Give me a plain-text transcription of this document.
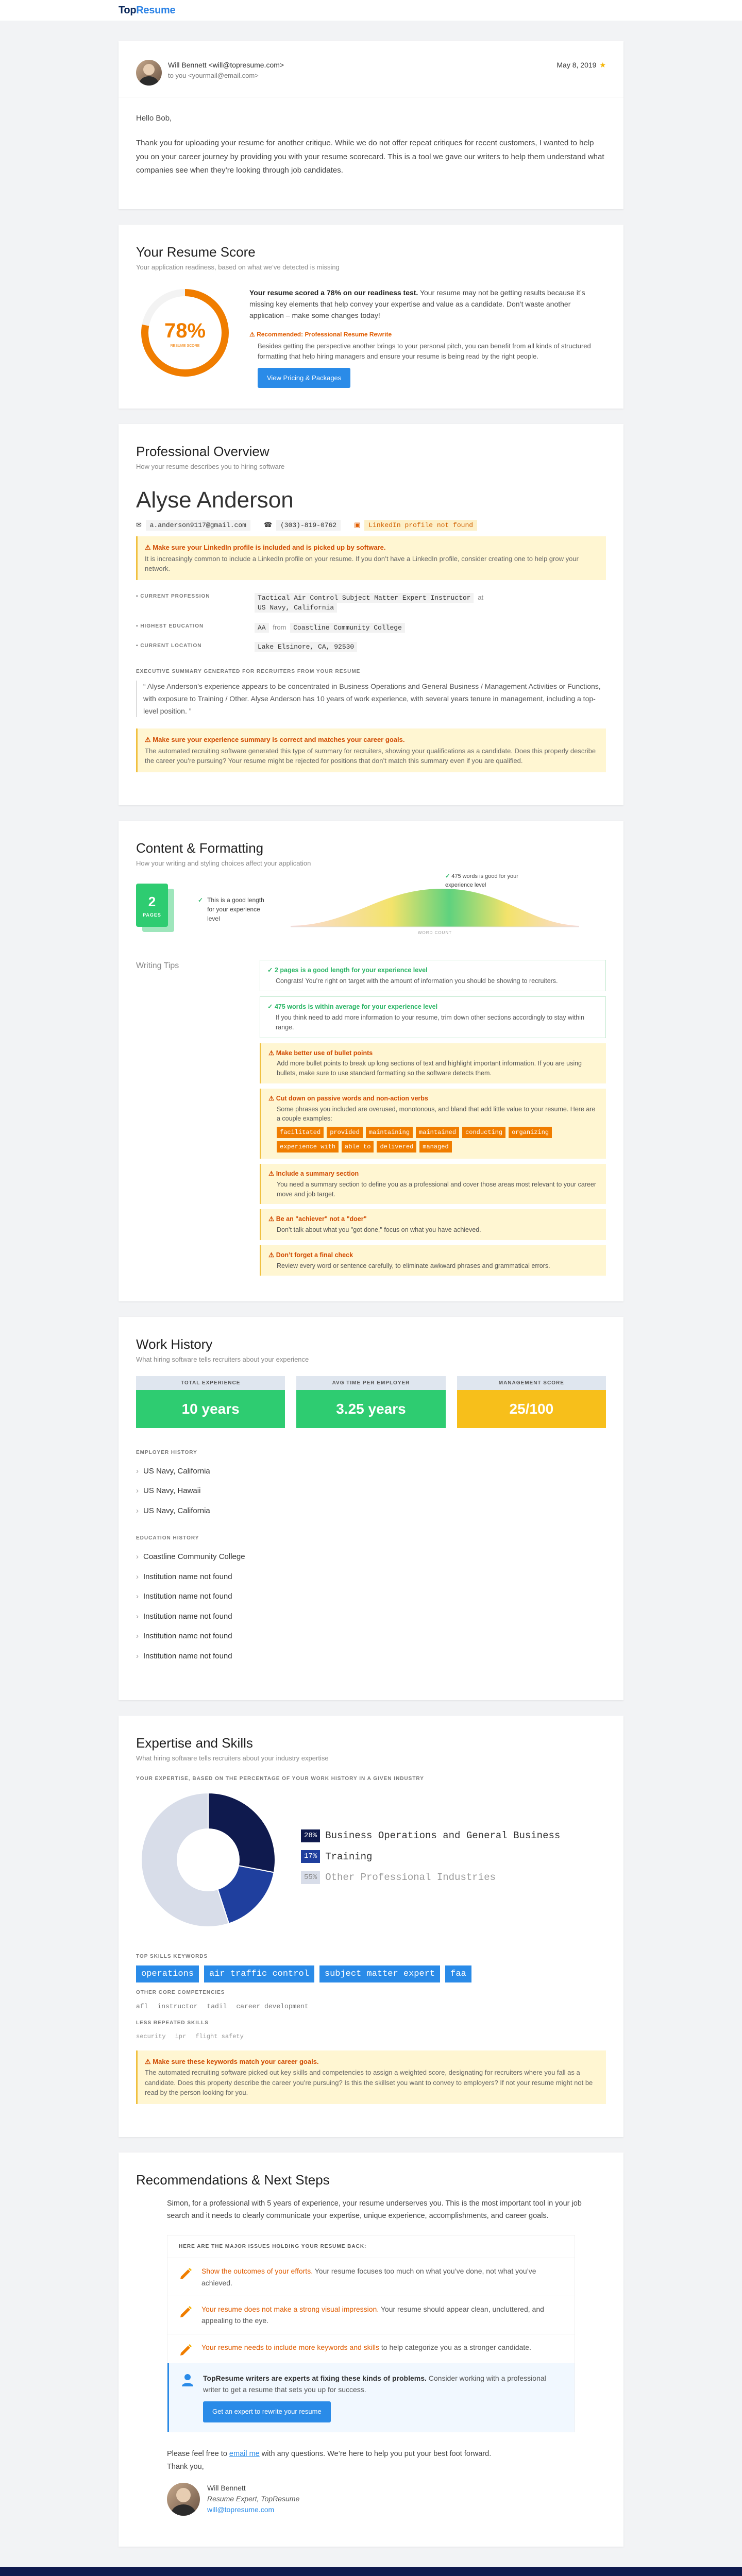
TopResume
Will Bennett <will@topresume.com>
to you <yourmail@email.com>
May 8, 2019 ★

Hello Bob,

Thank you for uploading your resume for another critique. While we do not offer repeat critiques for recent customers, I wanted to help you on your career journey by providing you with your resume scorecard. This is a tool we gave our writers to help them understand what companies see when they’re looking through job candidates.

Your Resume Score
Your application readiness, based on what we’ve detected is missing
78%
RESUME SCORE
Your resume scored a 78% on our readiness test. Your resume may not be getting results because it’s missing key elements that help convey your expertise and value as a candidate. Don’t waste another application – make some changes today!
⚠ Recommended: Professional Resume Rewrite
Besides getting the perspective another brings to your personal pitch, you can benefit from all kinds of structured formatting that help hiring managers and ensure your resume is being read by the right people.
View Pricing & Packages
Professional Overview
How your resume describes you to hiring software
Alyse Anderson
✉ a.anderson9117@gmail.com	☎ (303)-819-0762	▣ LinkedIn profile not found
⚠ Make sure your LinkedIn profile is included and is picked up by software.
It is increasingly common to include a LinkedIn profile on your resume. If you don’t have a LinkedIn profile, consider creating one to help grow your network.
▪ CURRENT PROFESSION	Tactical Air Control Subject Matter Expert Instructor at
US Navy, California
▪ HIGHEST EDUCATION	AA from Coastline Community College
▪ CURRENT LOCATION	Lake Elsinore, CA, 92530
EXECUTIVE SUMMARY GENERATED FOR RECRUITERS FROM YOUR RESUME
“ Alyse Anderson’s experience appears to be concentrated in Business Operations and General Business / Management Activities or Functions, with exposure to Training / Other. Alyse Anderson has 10 years of work experience, with several years tenure in management, including a top-level position. ”
⚠ Make sure your experience summary is correct and matches your career goals.
The automated recruiting software generated this type of summary for recruiters, showing your qualifications as a candidate. Does this properly describe the career you’re pursuing? Your resume might be rejected for positions that don’t match this summary even if you are qualified.
Content & Formatting
How your writing and styling choices affect your application
2
PAGES
✓ This is a good length for your experience level
WORD COUNT
✓ 475 words is good for your experience level
Writing Tips	✓ 2 pages is a good length for your experience level
Congrats! You’re right on target with the amount of information you should be showing to recruiters.
✓ 475 words is within average for your experience level
If you think need to add more information to your resume, trim down other sections accordingly to stay within range.
⚠ Make better use of bullet points
Add more bullet points to break up long sections of text and highlight important information. If you are using bullets, make sure to use standard formatting so the software detects them.
⚠ Cut down on passive words and non-action verbs
Some phrases you included are overused, monotonous, and bland that add little value to your resume. Here are a couple examples:
facilitated	provided	maintaining	maintained	conducting	organizing
experience with	able to	delivered	managed
⚠ Include a summary section
You need a summary section to define you as a professional and cover those areas most relevant to your career move and job target.
⚠ Be an "achiever" not a "doer"
Don’t talk about what you "got done," focus on what you have achieved.
⚠ Don’t forget a final check
Review every word or sentence carefully, to eliminate awkward phrases and grammatical errors.
Work History
What hiring software tells recruiters about your experience
TOTAL EXPERIENCE
10 years
AVG TIME PER EMPLOYER
3.25 years
MANAGEMENT SCORE
25/100
EMPLOYER HISTORY
› US Navy, California
› US Navy, Hawaii
› US Navy, California
EDUCATION HISTORY
› Coastline Community College
› Institution name not found
› Institution name not found
› Institution name not found
› Institution name not found
› Institution name not found
Expertise and Skills
What hiring software tells recruiters about your industry expertise
YOUR EXPERTISE, BASED ON THE PERCENTAGE OF YOUR WORK HISTORY IN A GIVEN INDUSTRY
28% Business Operations and General Business
17% Training
55% Other Professional Industries
TOP SKILLS KEYWORDS
operations	air traffic control	subject matter expert	faa
OTHER CORE COMPETENCIES
afl instructor tadil career development
LESS REPEATED SKILLS
security ipr flight safety
⚠ Make sure these keywords match your career goals.
The automated recruiting software picked out key skills and competencies to assign a weighted score, designating for recruiters where you fall as a candidate. Does this property describe the career you’re pursuing? Is this the skillset you want to convey to employers? If not your resume might not be read by the person looking for you.
Recommendations & Next Steps
Simon, for a professional with 5 years of experience, your resume underserves you. This is the most important tool in your job search and it needs to clearly communicate your expertise, unique experience, accomplishments, and career goals.
HERE ARE THE MAJOR ISSUES HOLDING YOUR RESUME BACK:
Show the outcomes of your efforts. Your resume focuses too much on what you’ve done, not what you’ve achieved.
Your resume does not make a strong visual impression. Your resume should appear clean, uncluttered, and appealing to the eye.
Your resume needs to include more keywords and skills to help categorize you as a stronger candidate.
TopResume writers are experts at fixing these kinds of problems. Consider working with a professional writer to get a resume that sets you up for success.
Get an expert to rewrite your resume
Please feel free to email me with any questions. We’re here to help you put your best foot forward.
Thank you,
Will Bennett
Resume Expert, TopResume
will@topresume.com
